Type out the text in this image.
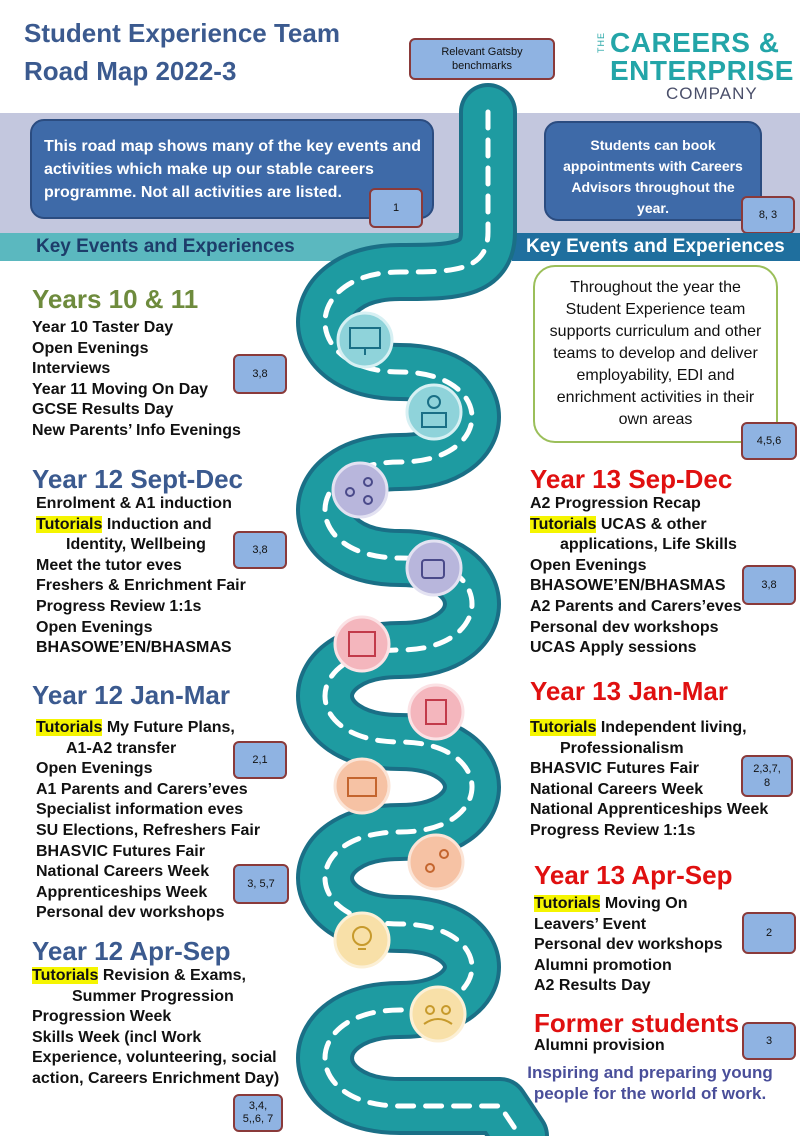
Student Experience Team
Road Map 2022-3
Relevant Gatsby benchmarks
THE CAREERS &
ENTERPRISE
COMPANY
This road map shows many of the key events and activities which make up our stable careers programme. Not all activities are listed.
1
Students can book appointments with Careers Advisors throughout the year.	8, 3
Key Events and Experiences	Key Events and Experiences
Years 10 & 11
Year 10 Taster Day
Open Evenings
Interviews
Year 11 Moving On Day
GCSE Results Day
New Parents’ Info Evenings
3,8
Year 12 Sept-Dec
Enrolment & A1 induction
Tutorials Induction and
Identity, Wellbeing
Meet the tutor eves
Freshers & Enrichment Fair
Progress Review 1:1s
Open Evenings
BHASOWE’EN/BHASMAS
3,8
Year 12 Jan-Mar
Tutorials My Future Plans,
A1-A2 transfer
Open Evenings
A1 Parents and Carers’eves
Specialist information eves
SU Elections, Refreshers Fair
BHASVIC Futures Fair
National Careers Week
Apprenticeships Week
Personal dev workshops
2,1
3, 5,7
Year 12 Apr-Sep
Tutorials Revision & Exams,
Summer Progression
Progression Week
Skills Week (incl Work
Experience, volunteering, social
action, Careers Enrichment Day)
3,4, 5,,6, 7
Throughout the year the Student Experience team supports curriculum and other teams to develop and deliver employability, EDI and enrichment activities in their own areas
4,5,6
Year 13 Sep-Dec
A2 Progression Recap
Tutorials UCAS & other
applications, Life Skills
Open Evenings
BHASOWE’EN/BHASMAS
A2 Parents and Carers’eves
Personal dev workshops
UCAS Apply sessions
3,8
Year 13 Jan-Mar
Tutorials Independent living,
Professionalism
BHASVIC Futures Fair
National Careers Week
National Apprenticeships Week
Progress Review 1:1s
2,3,7, 8
Year 13 Apr-Sep
Tutorials Moving On
Leavers’ Event
Personal dev workshops
Alumni promotion
A2 Results Day
2
Former students
Alumni provision	3
Inspiring and preparing young people for the world of work.
